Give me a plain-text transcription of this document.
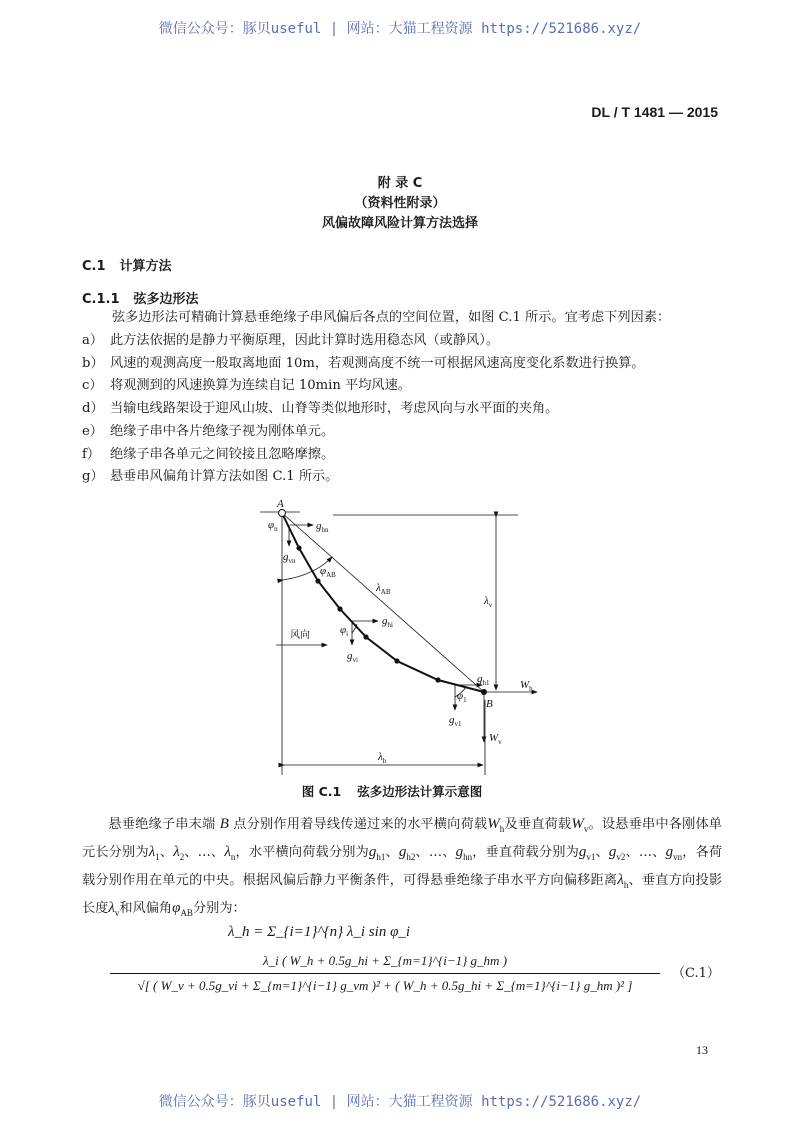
微信公众号：豚贝useful | 网站：大猫工程资源 https://521686.xyz/
DL / T 1481 — 2015
附 录 C
（资料性附录）
风偏故障风险计算方法选择
C.1 计算方法
C.1.1 弦多边形法
弦多边形法可精确计算悬垂绝缘子串风偏后各点的空间位置，如图 C.1 所示。宜考虑下列因素：
a） 此方法依据的是静力平衡原理，因此计算时选用稳态风（或静风）。
b） 风速的观测高度一般取离地面 10m，若观测高度不统一可根据风速高度变化系数进行换算。
c） 将观测到的风速换算为连续自记 10min 平均风速。
d） 当输电线路架设于迎风山坡、山脊等类似地形时，考虑风向与水平面的夹角。
e） 绝缘子串中各片绝缘子视为刚体单元。
f） 绝缘子串各单元之间铰接且忽略摩擦。
g） 悬垂串风偏角计算方法如图 C.1 所示。
A
B
风向
$\varphi_n$	$g_{hn}$
$g_{vn}$
$\varphi_{AB}$
$\lambda_{AB}$
$\lambda_v$
$\varphi_i$
$g_{hi}$
$g_{vi}$
$g_{h1}$
$\varphi_1$
$g_{v1}$
$W_h$
$W_v$
$\lambda_h$
图 C.1 弦多边形法计算示意图
悬垂绝缘子串末端 B 点分别作用着导线传递过来的水平横向荷载$W_h$及垂直荷载$W_v$。设悬垂串中各刚体单元长分别为$\lambda_1$、$\lambda_2$、…、$\lambda_n$，水平横向荷载分别为$g_{h1}$、$g_{h2}$、…、$g_{hn}$，垂直荷载分别为$g_{v1}$、$g_{v2}$、…、$g_{vn}$，各荷载分别作用在单元的中央。根据风偏后静力平衡条件，可得悬垂绝缘子串水平方向偏移距离$\lambda_h$、垂直方向投影长度$\lambda_v$和风偏角$\varphi_{AB}$分别为：
λ_h = Σ_{i=1}^{n} λ_i sin φ_i
λ_i ( W_h + 0.5g_hi + Σ_{m=1}^{i−1} g_hm )
√[ ( W_v + 0.5g_vi + Σ_{m=1}^{i−1} g_vm )² + ( W_h + 0.5g_hi + Σ_{m=1}^{i−1} g_hm )² ]
（C.1）
13
微信公众号：豚贝useful | 网站：大猫工程资源 https://521686.xyz/
